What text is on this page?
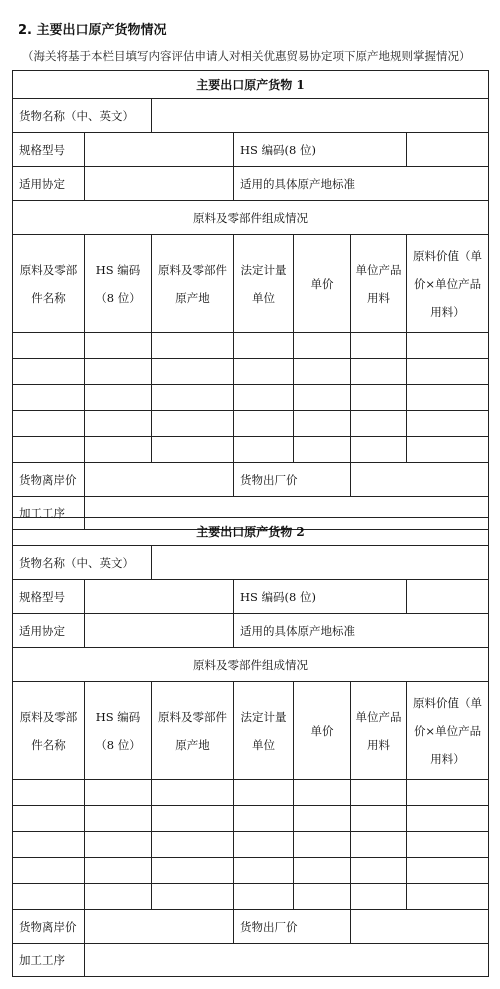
2. 主要出口原产货物情况
（海关将基于本栏目填写内容评估申请人对相关优惠贸易协定项下原产地规则掌握情况）
主要出口原产货物 1						
货物名称（中、英文）						
规格型号			HS 编码(8 位)			
适用协定			适用的具体原产地标准			
原料及零部件组成情况						
原料及零部件名称	HS 编码（8 位）	原料及零部件原产地	法定计量单位	单价	单位产品用料	原料价值（单价×单位产品用料）

货物离岸价			货物出厂价			
加工工序						
主要出口原产货物 2						
货物名称（中、英文）						
规格型号			HS 编码(8 位)			
适用协定			适用的具体原产地标准			
原料及零部件组成情况						
原料及零部件名称	HS 编码（8 位）	原料及零部件原产地	法定计量单位	单价	单位产品用料	原料价值（单价×单位产品用料）

货物离岸价			货物出厂价			
加工工序						
